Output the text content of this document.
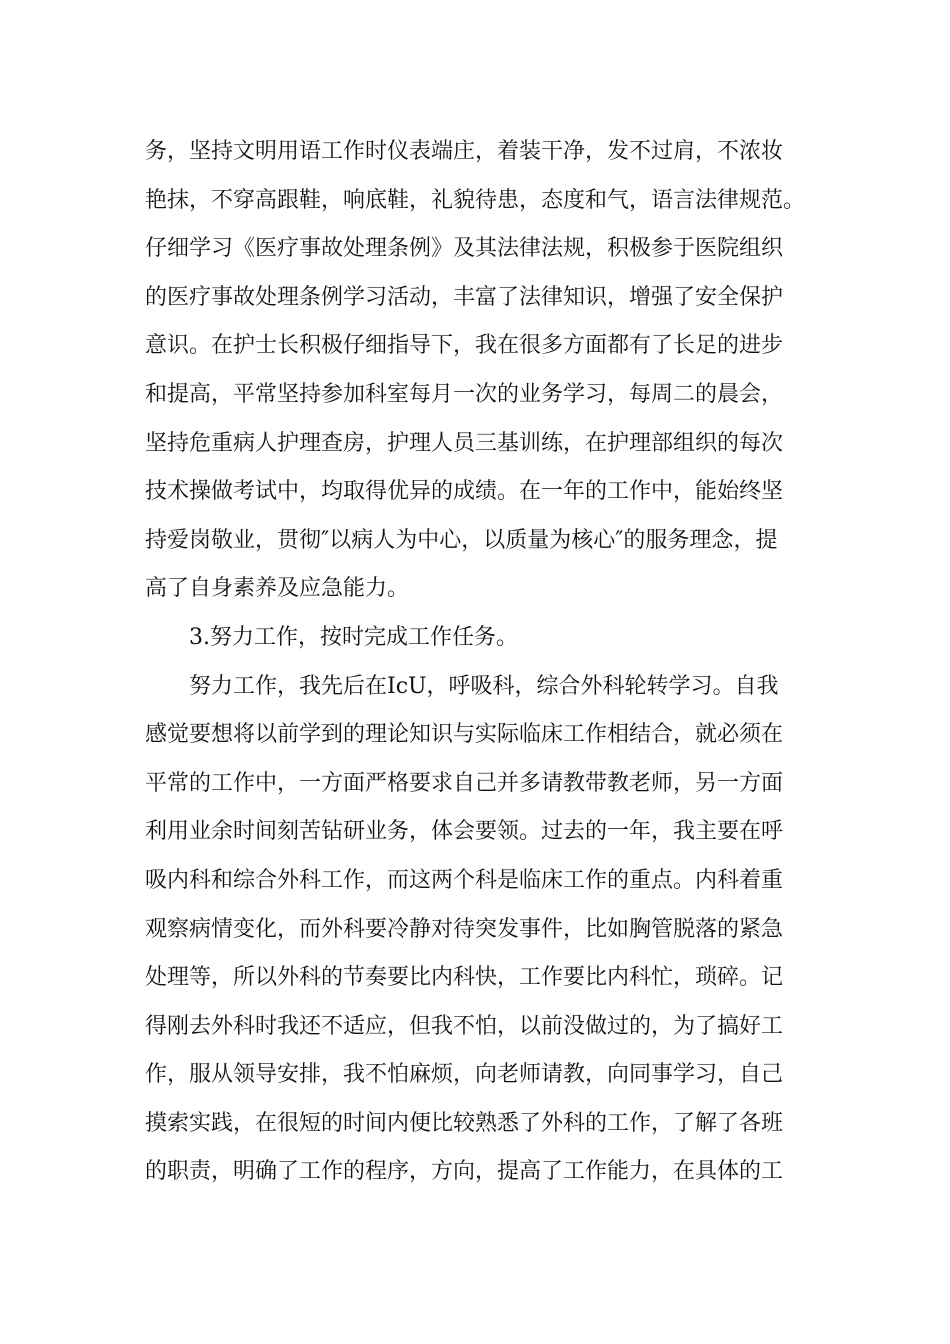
务，坚持文明用语工作时仪表端庄，着装干净，发不过肩，不浓妆
艳抹，不穿高跟鞋，响底鞋，礼貌待患，态度和气，语言法律规范。
仔细学习《医疗事故处理条例》及其法律法规，积极参于医院组织
的医疗事故处理条例学习活动，丰富了法律知识，增强了安全保护
意识。在护士长积极仔细指导下，我在很多方面都有了长足的进步
和提高，平常坚持参加科室每月一次的业务学习，每周二的晨会，
坚持危重病人护理查房，护理人员三基训练，在护理部组织的每次
技术操做考试中，均取得优异的成绩。在一年的工作中，能始终坚
持爱岗敬业，贯彻″以病人为中心，以质量为核心″的服务理念，提
高了自身素养及应急能力。
3.努力工作，按时完成工作任务。
努力工作，我先后在IcU，呼吸科，综合外科轮转学习。自我
感觉要想将以前学到的理论知识与实际临床工作相结合，就必须在
平常的工作中，一方面严格要求自己并多请教带教老师，另一方面
利用业余时间刻苦钻研业务，体会要领。过去的一年，我主要在呼
吸内科和综合外科工作，而这两个科是临床工作的重点。内科着重
观察病情变化，而外科要冷静对待突发事件，比如胸管脱落的紧急
处理等，所以外科的节奏要比内科快，工作要比内科忙，琐碎。记
得刚去外科时我还不适应，但我不怕，以前没做过的，为了搞好工
作，服从领导安排，我不怕麻烦，向老师请教，向同事学习，自己
摸索实践，在很短的时间内便比较熟悉了外科的工作，了解了各班
的职责，明确了工作的程序，方向，提高了工作能力，在具体的工
